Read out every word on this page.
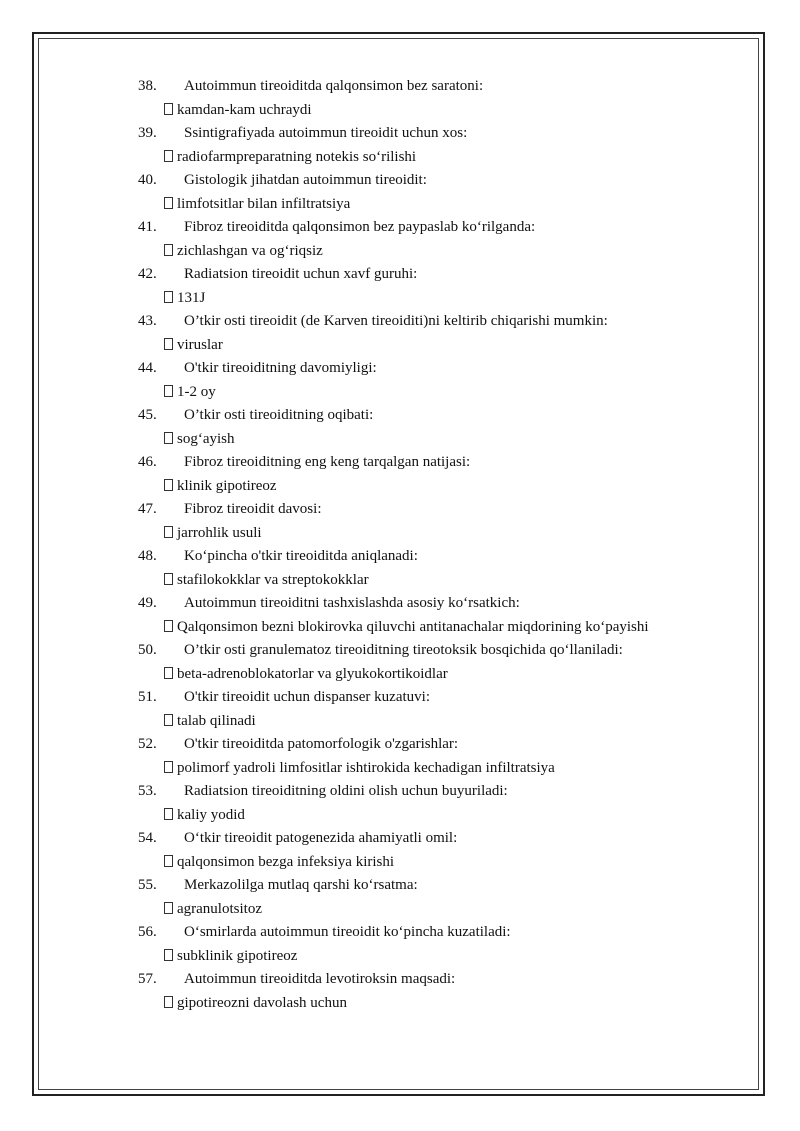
38.	Autoimmun tireoiditda qalqonsimon bez saratoni:
kamdan-kam uchraydi
39.	Ssintigrafiyada autoimmun tireoidit uchun xos:
radiofarmpreparatning notekis so‘rilishi
40.	Gistologik jihatdan autoimmun tireoidit:
limfotsitlar bilan infiltratsiya
41.	Fibroz tireoiditda qalqonsimon bez paypaslab ko‘rilganda:
zichlashgan va og‘riqsiz
42.	Radiatsion tireoidit uchun xavf guruhi:
131J
43.	O’tkir osti tireoidit (de Karven tireoiditi)ni keltirib chiqarishi mumkin:
viruslar
44.	O'tkir tireoiditning davomiyligi:
1-2 oy
45.	O’tkir osti tireoiditning oqibati:
sog‘ayish
46.	Fibroz tireoiditning eng keng tarqalgan natijasi:
klinik gipotireoz
47.	Fibroz tireoidit davosi:
jarrohlik usuli
48.	Ko‘pincha o'tkir tireoiditda aniqlanadi:
stafilokokklar va streptokokklar
49.	Autoimmun tireoiditni tashxislashda asosiy ko‘rsatkich:
Qalqonsimon bezni blokirovka qiluvchi antitanachalar miqdorining ko‘payishi
50.	O’tkir osti granulematoz tireoiditning tireotoksik bosqichida qo‘llaniladi:
beta-adrenoblokatorlar va glyukokortikoidlar
51.	O'tkir tireoidit uchun dispanser kuzatuvi:
talab qilinadi
52.	O'tkir tireoiditda patomorfologik o'zgarishlar:
polimorf yadroli limfositlar ishtirokida kechadigan infiltratsiya
53.	Radiatsion tireoiditning oldini olish uchun buyuriladi:
kaliy yodid
54.	O‘tkir tireoidit patogenezida ahamiyatli omil:
qalqonsimon bezga infeksiya kirishi
55.	Merkazolilga mutlaq qarshi ko‘rsatma:
agranulotsitoz
56.	O‘smirlarda autoimmun tireoidit ko‘pincha kuzatiladi:
subklinik gipotireoz
57.	Autoimmun tireoiditda levotiroksin maqsadi:
gipotireozni davolash uchun
